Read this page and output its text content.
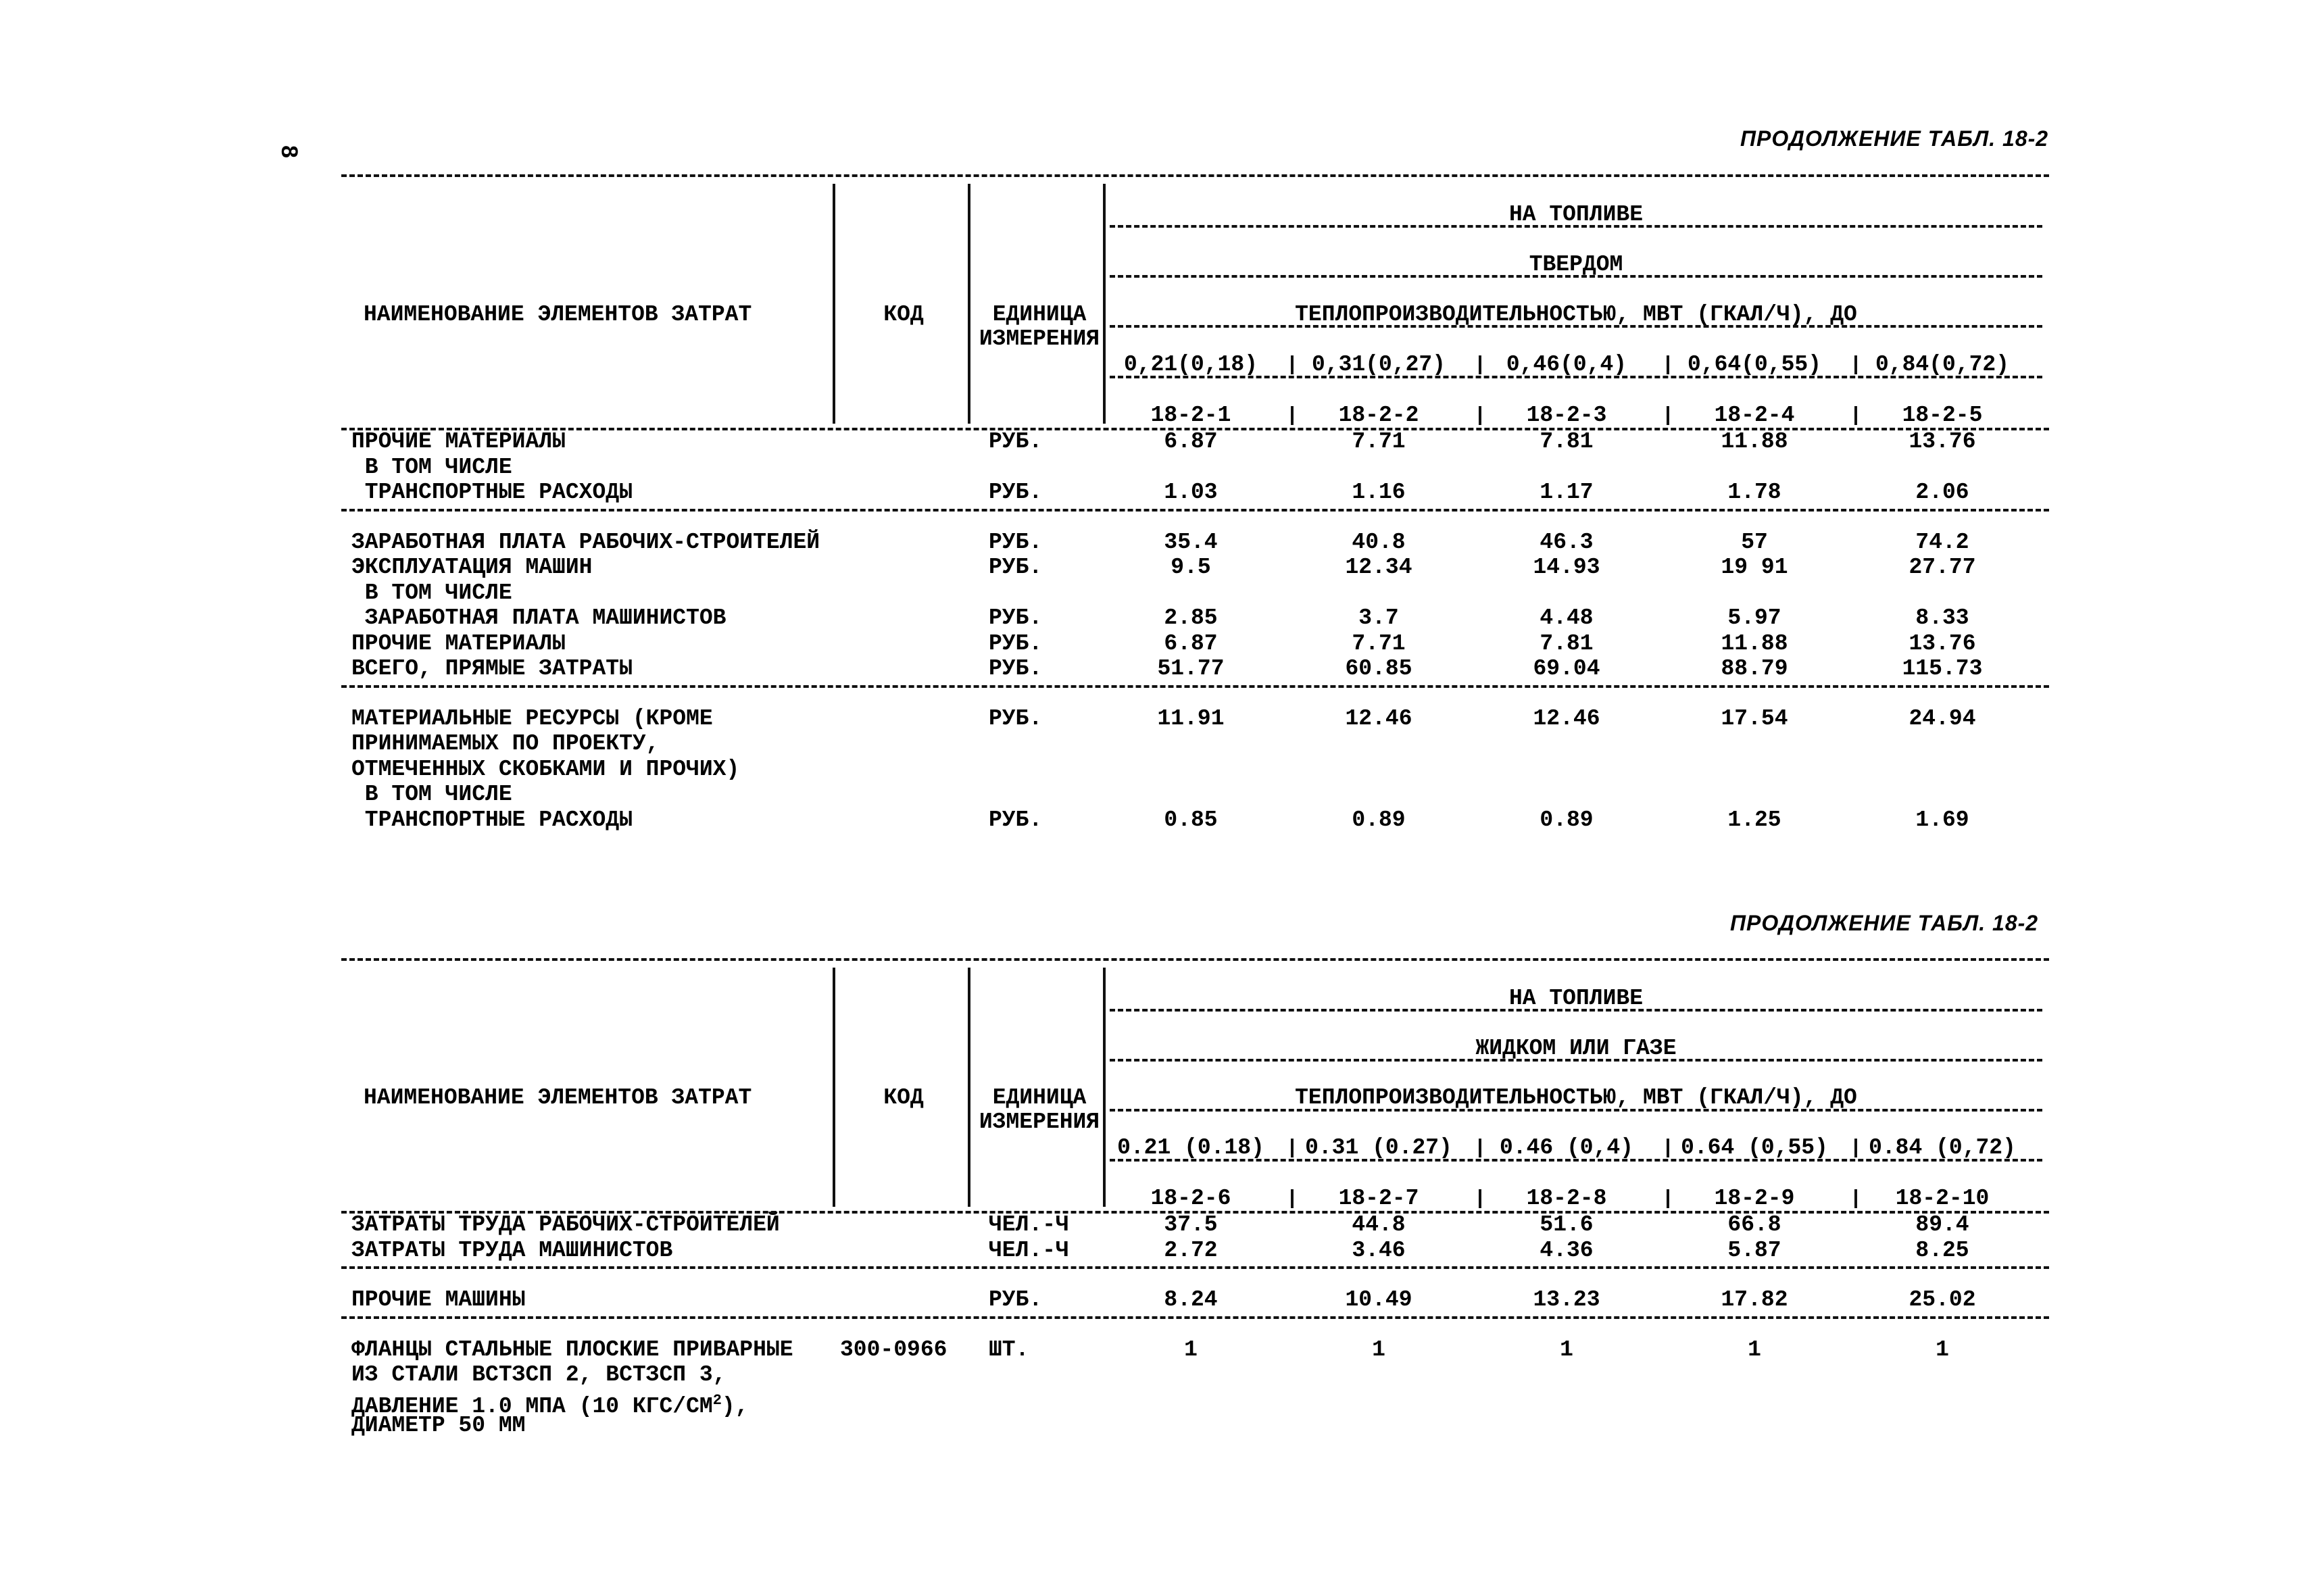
8
ПРОДОЛЖЕНИЕ ТАБЛ. 18-2
НАИМЕНОВАНИЕ ЭЛЕМЕНТОВ ЗАТРАТ	КОД	ЕДИНИЦА
ИЗМЕРЕНИЯ
НА ТОПЛИВЕ
ТВЕРДОМ
ТЕПЛОПРОИЗВОДИТЕЛЬНОСТЬЮ, МВТ (ГКАЛ/Ч), ДО
0,21(0,18)	0,31(0,27)	0,46(0,4)	0,64(0,55)	0,84(0,72)
18-2-1	18-2-2	18-2-3	18-2-4	18-2-5
ПРОЧИЕ МАТЕРИАЛЫ	РУБ.	6.87	7.71	7.81	11.88	13.76
В ТОМ ЧИСЛЕ
ТРАНСПОРТНЫЕ РАСХОДЫ	РУБ.	1.03	1.16	1.17	1.78	2.06
ЗАРАБОТНАЯ ПЛАТА РАБОЧИХ-СТРОИТЕЛЕЙ	РУБ.	35.4	40.8	46.3	57	74.2
ЭКСПЛУАТАЦИЯ МАШИН	РУБ.	9.5	12.34	14.93	19 91	27.77
В ТОМ ЧИСЛЕ
ЗАРАБОТНАЯ ПЛАТА МАШИНИСТОВ	РУБ.	2.85	3.7	4.48	5.97	8.33
ПРОЧИЕ МАТЕРИАЛЫ	РУБ.	6.87	7.71	7.81	11.88	13.76
ВСЕГО, ПРЯМЫЕ ЗАТРАТЫ	РУБ.	51.77	60.85	69.04	88.79	115.73
МАТЕРИАЛЬНЫЕ РЕСУРСЫ (КРОМЕ	РУБ.	11.91	12.46	12.46	17.54	24.94
ПРИНИМАЕМЫХ ПО ПРОЕКТУ,
ОТМЕЧЕННЫХ СКОБКАМИ И ПРОЧИХ)
В ТОМ ЧИСЛЕ
ТРАНСПОРТНЫЕ РАСХОДЫ	РУБ.	0.85	0.89	0.89	1.25	1.69
ПРОДОЛЖЕНИЕ ТАБЛ. 18-2
НАИМЕНОВАНИЕ ЭЛЕМЕНТОВ ЗАТРАТ	КОД	ЕДИНИЦА
ИЗМЕРЕНИЯ
НА ТОПЛИВЕ
ЖИДКОМ ИЛИ ГАЗЕ
ТЕПЛОПРОИЗВОДИТЕЛЬНОСТЬЮ, МВТ (ГКАЛ/Ч), ДО
0.21 (0.18)	0.31 (0.27)	0.46 (0,4)	0.64 (0,55)	0.84 (0,72)
18-2-6	18-2-7	18-2-8	18-2-9	18-2-10
ЗАТРАТЫ ТРУДА РАБОЧИХ-СТРОИТЕЛЕЙ	ЧЕЛ.-Ч	37.5	44.8	51.6	66.8	89.4
ЗАТРАТЫ ТРУДА МАШИНИСТОВ	ЧЕЛ.-Ч	2.72	3.46	4.36	5.87	8.25
ПРОЧИЕ МАШИНЫ	РУБ.	8.24	10.49	13.23	17.82	25.02
ФЛАНЦЫ СТАЛЬНЫЕ ПЛОСКИЕ ПРИВАРНЫЕ 300-0966 ШТ.	1	1	1	1	1
ИЗ СТАЛИ ВСТЗСП 2, ВСТЗСП 3,
ДАВЛЕНИЕ 1.0 МПА (10 КГС/$СМ^2$),
ДИАМЕТР 50 ММ
